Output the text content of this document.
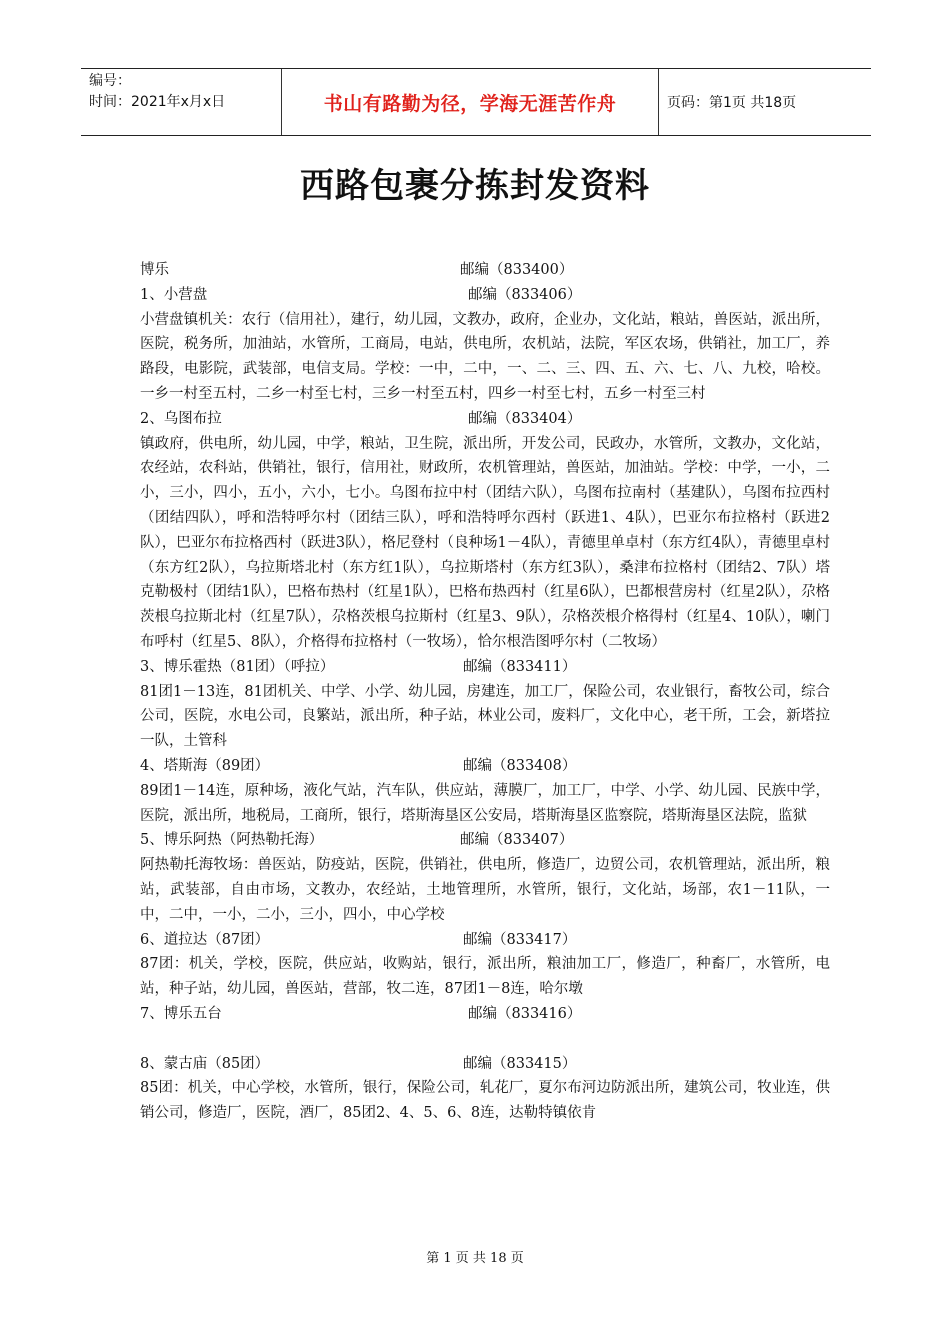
编号：
时间：2021年x月x日	书山有路勤为径，学海无涯苦作舟	页码：第1页 共18页
西路包裹分拣封发资料
博乐	邮编（833400）
1、小营盘	邮编（833406）
小营盘镇机关：农行（信用社），建行，幼儿园，文教办，政府，企业办，文化站，粮站，兽医站，派出所，医院，税务所，加油站，水管所，工商局，电站，供电所，农机站，法院，军区农场，供销社，加工厂，养路段，电影院，武装部，电信支局。学校：一中，二中，一、二、三、四、五、六、七、八、九校，哈校。一乡一村至五村，二乡一村至七村，三乡一村至五村，四乡一村至七村，五乡一村至三村
2、乌图布拉	邮编（833404）
镇政府，供电所，幼儿园，中学，粮站，卫生院，派出所，开发公司，民政办，水管所，文教办，文化站，农经站，农科站，供销社，银行，信用社，财政所，农机管理站，兽医站，加油站。学校：中学，一小，二小，三小，四小，五小，六小，七小。乌图布拉中村（团结六队），乌图布拉南村（基建队），乌图布拉西村（团结四队），呼和浩特呼尔村（团结三队），呼和浩特呼尔西村（跃进1、4队），巴亚尔布拉格村（跃进2队），巴亚尔布拉格西村（跃进3队），格尼登村（良种场1－4队），青德里单卓村（东方红4队），青德里卓村（东方红2队），乌拉斯塔北村（东方红1队），乌拉斯塔村（东方红3队），桑津布拉格村（团结2、7队）塔克勒极村（团结1队），巴格布热村（红星1队），巴格布热西村（红星6队），巴都根营房村（红星2队），尕格茨根乌拉斯北村（红星7队），尕格茨根乌拉斯村（红星3、9队），尕格茨根介格得村（红星4、10队），喇门布呼村（红星5、8队），介格得布拉格村（一牧场），恰尔根浩图呼尔村（二牧场）
3、博乐霍热（81团）（呼拉）	邮编（833411）
81团1－13连，81团机关、中学、小学、幼儿园，房建连，加工厂，保险公司，农业银行，畜牧公司，综合公司，医院，水电公司，良繁站，派出所，种子站，林业公司，废料厂，文化中心，老干所，工会，新塔拉一队，土管科
4、塔斯海（89团）	邮编（833408）
89团1－14连，原种场，液化气站，汽车队，供应站，薄膜厂，加工厂，中学、小学、幼儿园、民族中学，医院，派出所，地税局，工商所，银行，塔斯海垦区公安局，塔斯海垦区监察院，塔斯海垦区法院，监狱
5、博乐阿热（阿热勒托海）	邮编（833407）
阿热勒托海牧场：兽医站，防疫站，医院，供销社，供电所，修造厂，边贸公司，农机管理站，派出所，粮站，武装部，自由市场，文教办，农经站，土地管理所，水管所，银行，文化站，场部，农1－11队，一中，二中，一小，二小，三小，四小，中心学校
6、道拉达（87团）	邮编（833417）
87团：机关，学校，医院，供应站，收购站，银行，派出所，粮油加工厂，修造厂，种畜厂，水管所，电站，种子站，幼儿园，兽医站，营部，牧二连，87团1－8连，哈尔墩
7、博乐五台	邮编（833416）
8、蒙古庙（85团）	邮编（833415）
85团：机关，中心学校，水管所，银行，保险公司，轧花厂，夏尔布河边防派出所，建筑公司，牧业连，供销公司，修造厂，医院，酒厂，85团2、4、5、6、8连，达勒特镇依肯
第 1 页 共 18 页
